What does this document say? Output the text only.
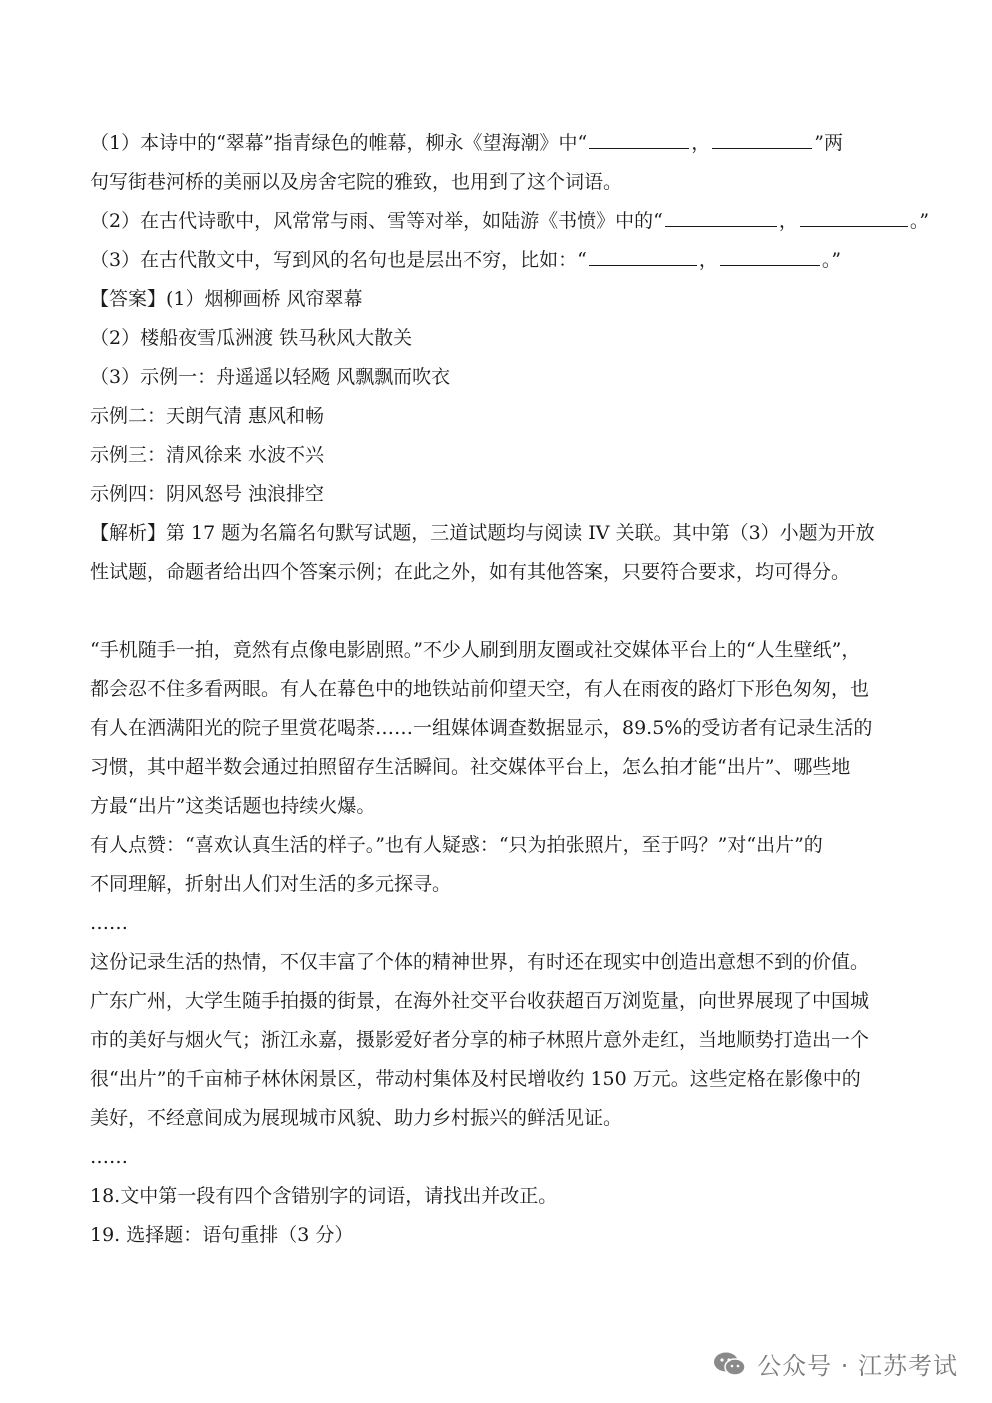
（1）本诗中的“翠幕”指青绿色的帷幕，柳永《望海潮》中“	，	”两
句写街巷河桥的美丽以及房舍宅院的雅致，也用到了这个词语。
（2）在古代诗歌中，风常常与雨、雪等对举，如陆游《书愤》中的“	，	。”
（3）在古代散文中，写到风的名句也是层出不穷，比如：“	，	。”
【答案】(1）烟柳画桥 风帘翠幕
（2）楼船夜雪瓜洲渡 铁马秋风大散关
（3）示例一：舟遥遥以轻飏 风飘飘而吹衣
示例二：天朗气清 惠风和畅
示例三：清风徐来 水波不兴
示例四：阴风怒号 浊浪排空
【解析】第 17 题为名篇名句默写试题，三道试题均与阅读 IV 关联。其中第（3）小题为开放
性试题，命题者给出四个答案示例；在此之外，如有其他答案，只要符合要求，均可得分。
“手机随手一拍，竟然有点像电影剧照。”不少人刷到朋友圈或社交媒体平台上的“人生壁纸”，
都会忍不住多看两眼。有人在幕色中的地铁站前仰望天空，有人在雨夜的路灯下形色匆匆，也
有人在洒满阳光的院子里赏花喝荼……一组媒体调查数据显示，89.5%的受访者有记录生活的
习惯，其中超半数会通过拍照留存生活瞬间。社交媒体平台上，怎么拍才能“出片”、哪些地
方最“出片”这类话题也持续火爆。
有人点赞：“喜欢认真生活的样子。”也有人疑惑：“只为拍张照片，至于吗？”对“出片”的
不同理解，折射出人们对生活的多元探寻。
……
这份记录生活的热情，不仅丰富了个体的精神世界，有时还在现实中创造出意想不到的价值。
广东广州，大学生随手拍摄的街景，在海外社交平台收获超百万浏览量，向世界展现了中国城
市的美好与烟火气；浙江永嘉，摄影爱好者分享的柿子林照片意外走红，当地顺势打造出一个
很“出片”的千亩柿子林休闲景区，带动村集体及村民增收约 150 万元。这些定格在影像中的
美好，不经意间成为展现城市风貌、助力乡村振兴的鲜活见证。
……
18.文中第一段有四个含错别字的词语，请找出并改正。
19. 选择题：语句重排（3 分）
公众号 · 江苏考试
